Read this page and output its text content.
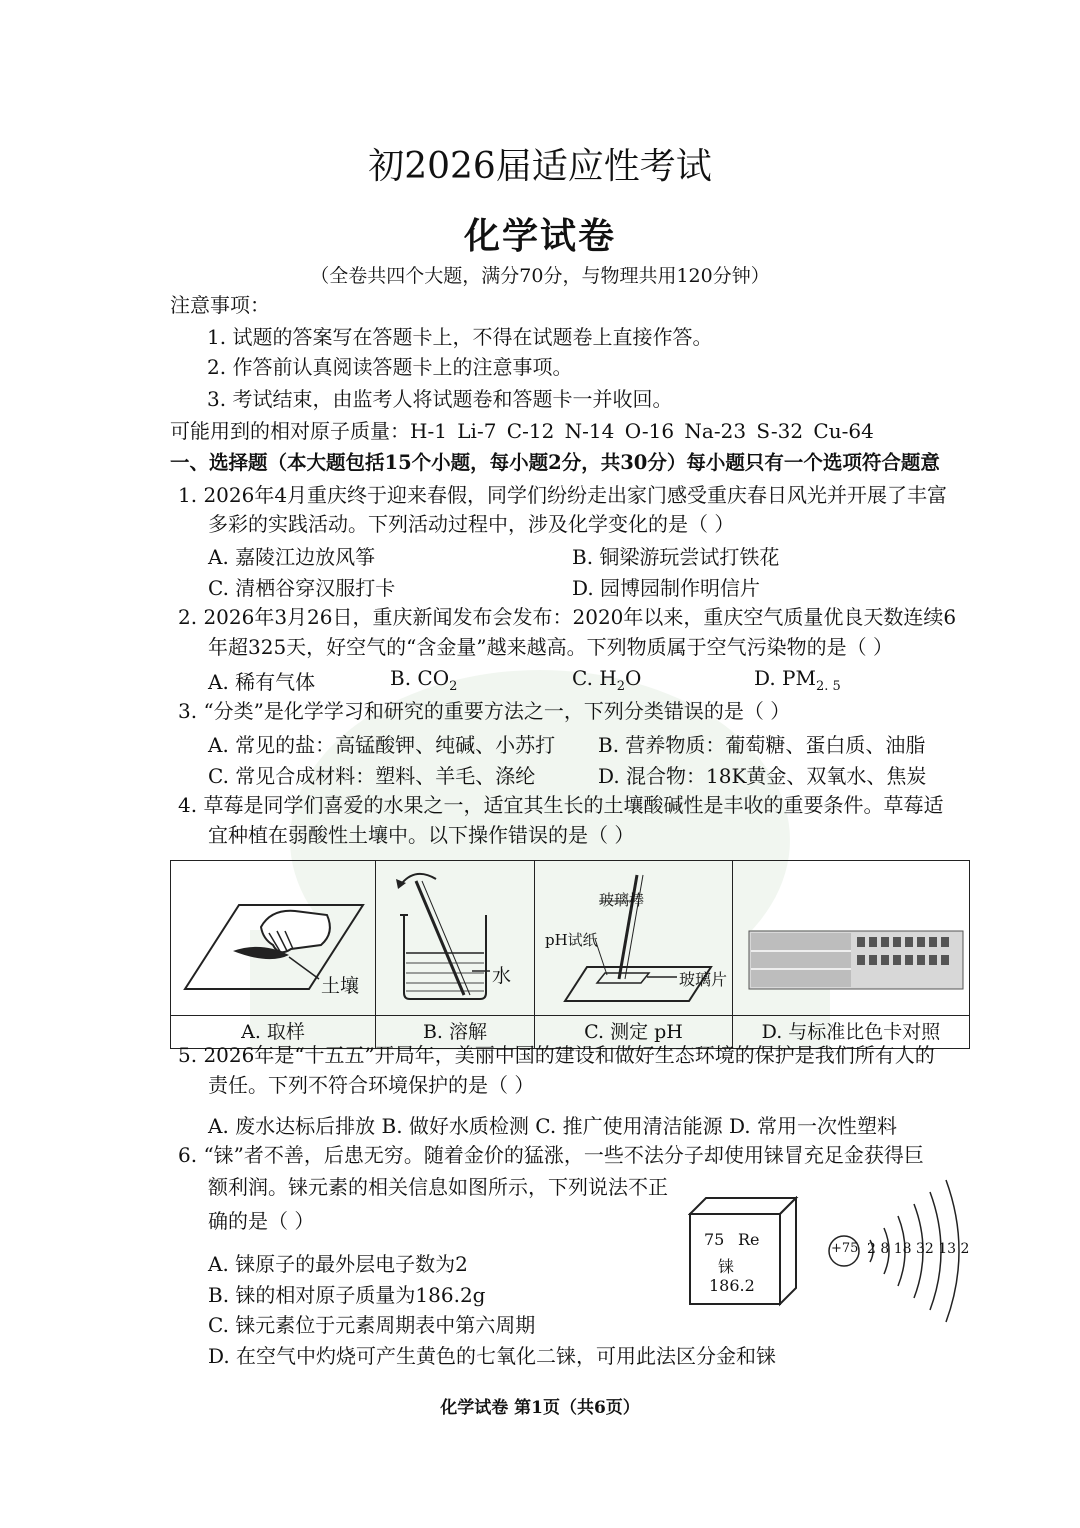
初2026届适应性考试
化学试卷
（全卷共四个大题，满分70分，与物理共用120分钟）
注意事项：
1. 试题的答案写在答题卡上，不得在试题卷上直接作答。
2. 作答前认真阅读答题卡上的注意事项。
3. 考试结束，由监考人将试题卷和答题卡一并收回。
可能用到的相对原子质量：H-1 Li-7 C-12 N-14 O-16 Na-23 S-32 Cu-64
一、选择题（本大题包括15个小题，每小题2分，共30分）每小题只有一个选项符合题意
1. 2026年4月重庆终于迎来春假，同学们纷纷走出家门感受重庆春日风光并开展了丰富
多彩的实践活动。下列活动过程中，涉及化学变化的是（ ）
A. 嘉陵江边放风筝	B. 铜梁游玩尝试打铁花
C. 清栖谷穿汉服打卡	D. 园博园制作明信片
2. 2026年3月26日，重庆新闻发布会发布：2020年以来，重庆空气质量优良天数连续6
年超325天，好空气的“含金量”越来越高。下列物质属于空气污染物的是（ ）
A. 稀有气体	B. $CO_2$	C. $H_2O$	D. $PM_{2. 5}$
3. “分类”是化学学习和研究的重要方法之一，下列分类错误的是（ ）
A. 常见的盐：高锰酸钾、纯碱、小苏打 B. 营养物质：葡萄糖、蛋白质、油脂
C. 常见合成材料：塑料、羊毛、涤纶	D. 混合物：18K黄金、双氧水、焦炭
4. 草莓是同学们喜爱的水果之一，适宜其生长的土壤酸碱性是丰收的重要条件。草莓适
宜种植在弱酸性土壤中。以下操作错误的是（ ）
土壤	水	玻璃棒
pH试纸
玻璃片

A. 取样	B. 溶解	C. 测定 pH	D. 与标准比色卡对照
5. 2026年是“十五五”开局年，美丽中国的建设和做好生态环境的保护是我们所有人的
责任。下列不符合环境保护的是（ ）
A. 废水达标后排放 B. 做好水质检测 C. 推广使用清洁能源 D. 常用一次性塑料
6. “铼”者不善，后患无穷。随着金价的猛涨，一些不法分子却使用铼冒充足金获得巨
额利润。铼元素的相关信息如图所示，下列说法不正
确的是（ ）
A. 铼原子的最外层电子数为2
B. 铼的相对原子质量为186.2g
C. 铼元素位于元素周期表中第六周期
D. 在空气中灼烧可产生黄色的七氧化二铼，可用此法区分金和铼
75 Re
铼
186.2
+75 2 8 18 32 13 2
化学试卷 第1页（共6页）
